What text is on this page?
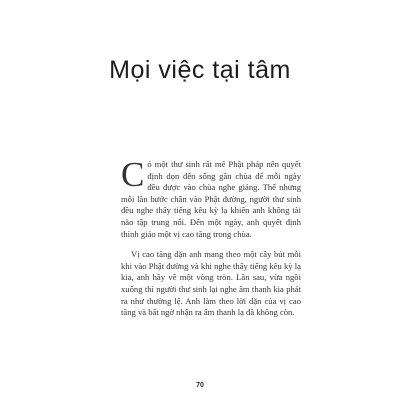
Mọi việc tại tâm

Có một thư sinh rất mê Phật pháp nên quyết định dọn đến sống gần chùa để mỗi ngày đều được vào chùa nghe giảng. Thế nhưng mỗi lần bước chân vào Phật đường, người thư sinh đều nghe thấy tiếng kêu kỳ lạ khiến anh không tài nào tập trung nổi. Đến một ngày, anh quyết định thỉnh giáo một vị cao tăng trong chùa.

Vị cao tăng dặn anh mang theo một cây bút mỗi khi vào Phật đường và khi nghe thấy tiếng kêu kỳ lạ kia, anh hãy vẽ một vòng tròn. Lần sau, vừa ngồi xuống thì người thư sinh lại nghe âm thanh kia phát ra như thường lệ. Anh làm theo lời dặn của vị cao tăng và bất ngờ nhận ra âm thanh lạ đã không còn.

70
